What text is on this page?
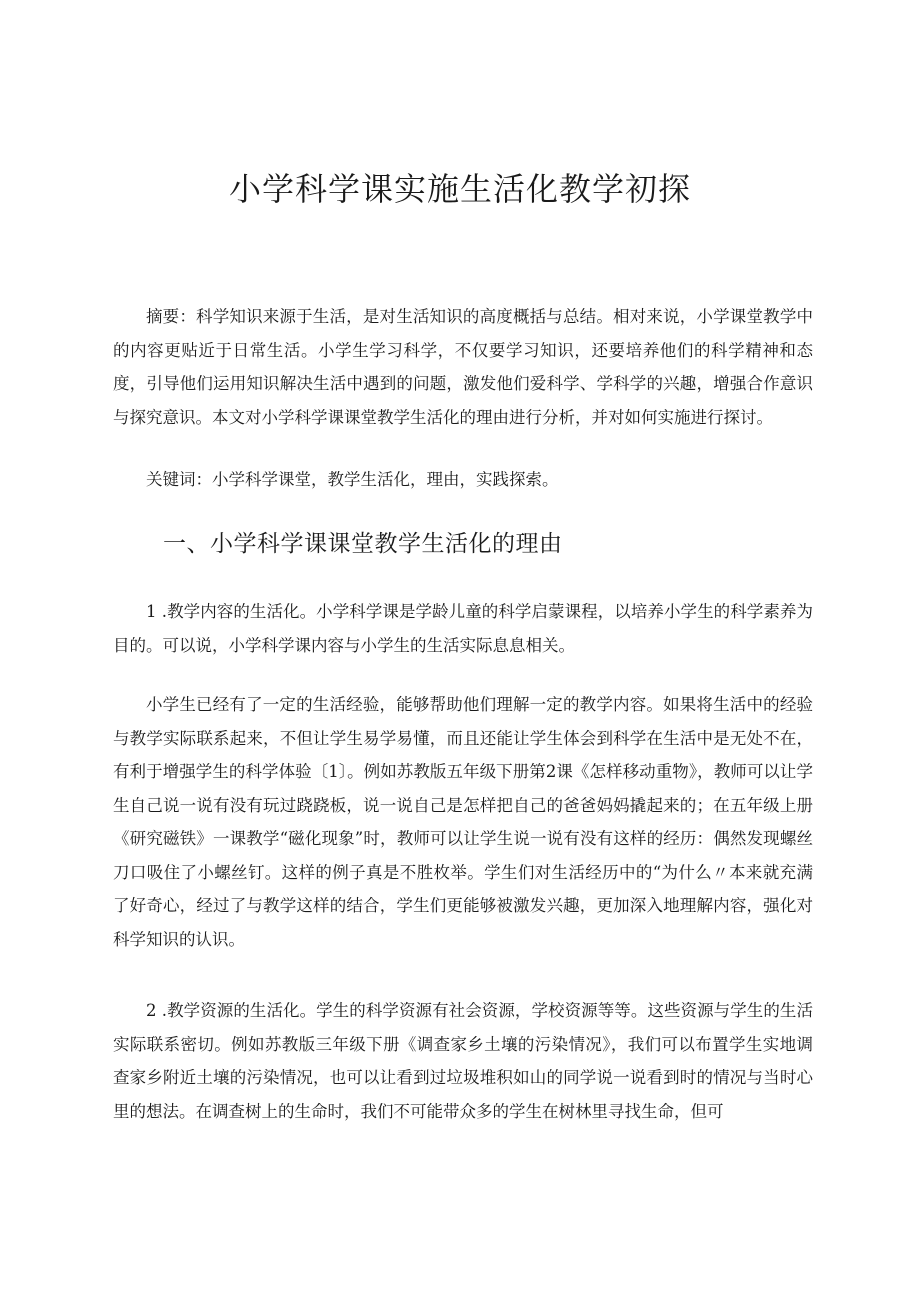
小学科学课实施生活化教学初探

摘要：科学知识来源于生活，是对生活知识的高度概括与总结。相对来说，小学课堂教学中的内容更贴近于日常生活。小学生学习科学，不仅要学习知识，还要培养他们的科学精神和态度，引导他们运用知识解决生活中遇到的问题，激发他们爱科学、学科学的兴趣，增强合作意识与探究意识。本文对小学科学课课堂教学生活化的理由进行分析，并对如何实施进行探讨。

关键词：小学科学课堂，教学生活化，理由，实践探索。

一、小学科学课课堂教学生活化的理由

1 .教学内容的生活化。小学科学课是学龄儿童的科学启蒙课程，以培养小学生的科学素养为目的。可以说，小学科学课内容与小学生的生活实际息息相关。

小学生已经有了一定的生活经验，能够帮助他们理解一定的教学内容。如果将生活中的经验与教学实际联系起来，不但让学生易学易懂，而且还能让学生体会到科学在生活中是无处不在，有利于增强学生的科学体验〔1〕。例如苏教版五年级下册第2课《怎样移动重物》，教师可以让学生自己说一说有没有玩过跷跷板，说一说自己是怎样把自己的爸爸妈妈撬起来的；在五年级上册《研究磁铁》一课教学“磁化现象”时，教师可以让学生说一说有没有这样的经历：偶然发现螺丝刀口吸住了小螺丝钉。这样的例子真是不胜枚举。学生们对生活经历中的“为什么〃本来就充满了好奇心，经过了与教学这样的结合，学生们更能够被激发兴趣，更加深入地理解内容，强化对科学知识的认识。

2 .教学资源的生活化。学生的科学资源有社会资源，学校资源等等。这些资源与学生的生活实际联系密切。例如苏教版三年级下册《调查家乡土壤的污染情况》，我们可以布置学生实地调查家乡附近土壤的污染情况，也可以让看到过垃圾堆积如山的同学说一说看到时的情况与当时心里的想法。在调查树上的生命时，我们不可能带众多的学生在树林里寻找生命，但可
